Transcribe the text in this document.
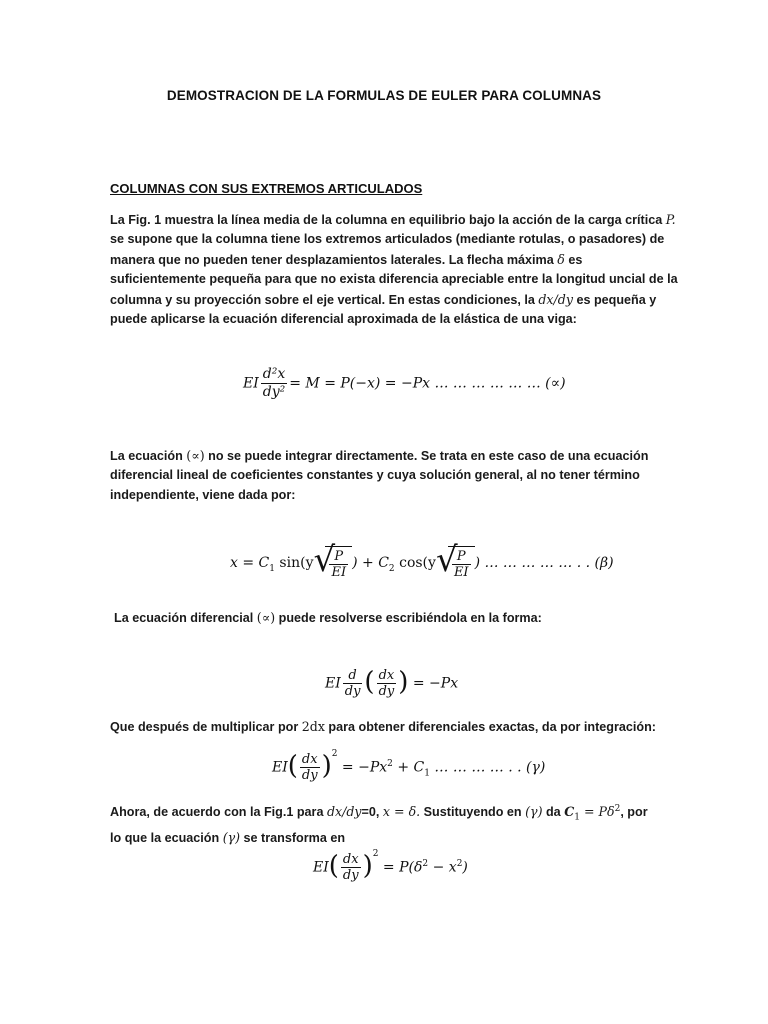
DEMOSTRACION DE LA FORMULAS DE EULER PARA COLUMNAS
COLUMNAS CON SUS EXTREMOS ARTICULADOS
La Fig. 1 muestra la línea media de la columna en equilibrio bajo la acción de la carga crítica P.
se supone que la columna tiene los extremos articulados (mediante rotulas, o pasadores) de
manera que no pueden tener desplazamientos laterales. La flecha máxima δ es
suficientemente pequeña para que no exista diferencia apreciable entre la longitud uncial de la
columna y su proyección sobre el eje vertical. En estas condiciones, la dx/dy es pequeña y
puede aplicarse la ecuación diferencial aproximada de la elástica de una viga:
EI $\frac{\text{d²x}}{\text{dy²}} = M = P(-x) = -Px$ … … … … … … (∝)
La ecuación (∝) no se puede integrar directamente. Se trata en este caso de una ecuación
diferencial lineal de coeficientes constantes y cuya solución general, al no tener término
independiente, viene dada por:
$x = C_1$ sin(y √
$\frac{P}{EI}$ ) + $C_2$ cos(y √
$\frac{P}{EI}$ ) … … … … … . . (β)
La ecuación diferencial (∝) puede resolverse escribiéndola en la forma:
EI $\frac{d}{dy}$ ( $\frac{dx}{dy}$ ) = −Px
Que después de multiplicar por 2dx para obtener diferenciales exactas, da por integración:
$EI( \frac{dx}{dy} )^2 = -Px^2 + C_1$ … … … … . . (γ)
Ahora, de acuerdo con la Fig.1 para dx/dy=0, x = δ. Sustituyendo en (γ) da $C_1 = P\delta^2$, por
lo que la ecuación (γ) se transforma en
$EI( \frac{dx}{dy} )^2 = P(\delta^2 - x^2)$
